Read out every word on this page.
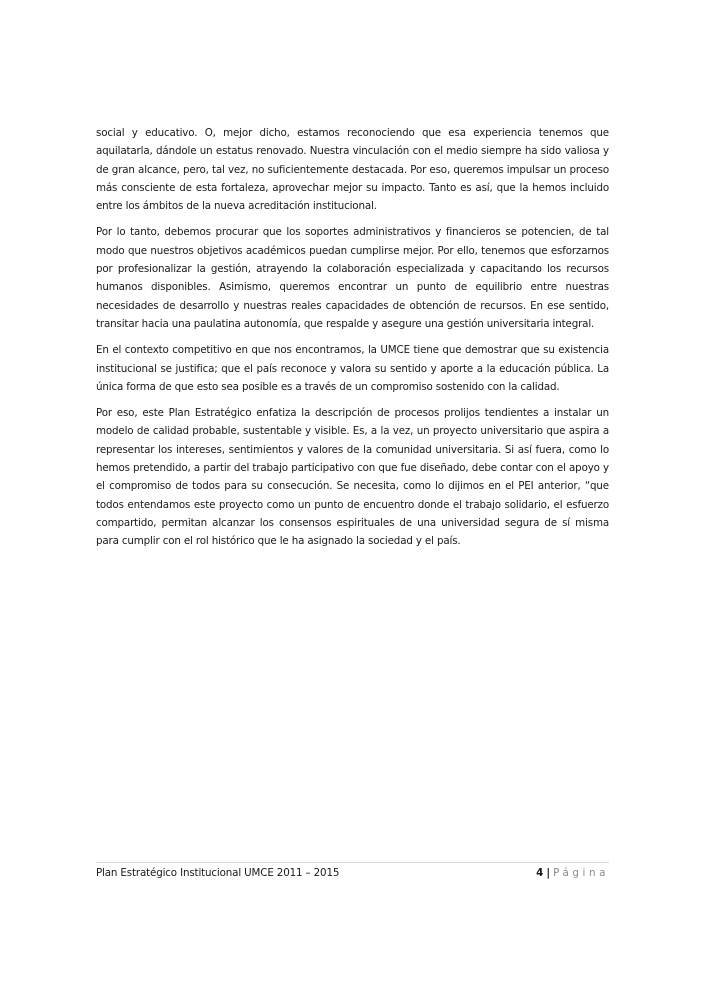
social y educativo. O, mejor dicho, estamos reconociendo que esa experiencia tenemos que aquilatarla, dándole un estatus renovado. Nuestra vinculación con el medio siempre ha sido valiosa y de gran alcance, pero, tal vez, no suficientemente destacada. Por eso, queremos impulsar un proceso más consciente de esta fortaleza, aprovechar mejor su impacto. Tanto es así, que la hemos incluido entre los ámbitos de la nueva acreditación institucional.

Por lo tanto, debemos procurar que los soportes administrativos y financieros se potencien, de tal modo que nuestros objetivos académicos puedan cumplirse mejor. Por ello, tenemos que esforzarnos por profesionalizar la gestión, atrayendo la colaboración especializada y capacitando los recursos humanos disponibles. Asimismo, queremos encontrar un punto de equilibrio entre nuestras necesidades de desarrollo y nuestras reales capacidades de obtención de recursos. En ese sentido, transitar hacia una paulatina autonomía, que respalde y asegure una gestión universitaria integral.

En el contexto competitivo en que nos encontramos, la UMCE tiene que demostrar que su existencia institucional se justifica; que el país reconoce y valora su sentido y aporte a la educación pública. La única forma de que esto sea posible es a través de un compromiso sostenido con la calidad.

Por eso, este Plan Estratégico enfatiza la descripción de procesos prolijos tendientes a instalar un modelo de calidad probable, sustentable y visible. Es, a la vez, un proyecto universitario que aspira a representar los intereses, sentimientos y valores de la comunidad universitaria. Si así fuera, como lo hemos pretendido, a partir del trabajo participativo con que fue diseñado, debe contar con el apoyo y el compromiso de todos para su consecución. Se necesita, como lo dijimos en el PEI anterior, “que todos entendamos este proyecto como un punto de encuentro donde el trabajo solidario, el esfuerzo compartido, permitan alcanzar los consensos espirituales de una universidad segura de sí misma para cumplir con el rol histórico que le ha asignado la sociedad y el país.

Plan Estratégico Institucional UMCE 2011 – 2015	4 | Página
